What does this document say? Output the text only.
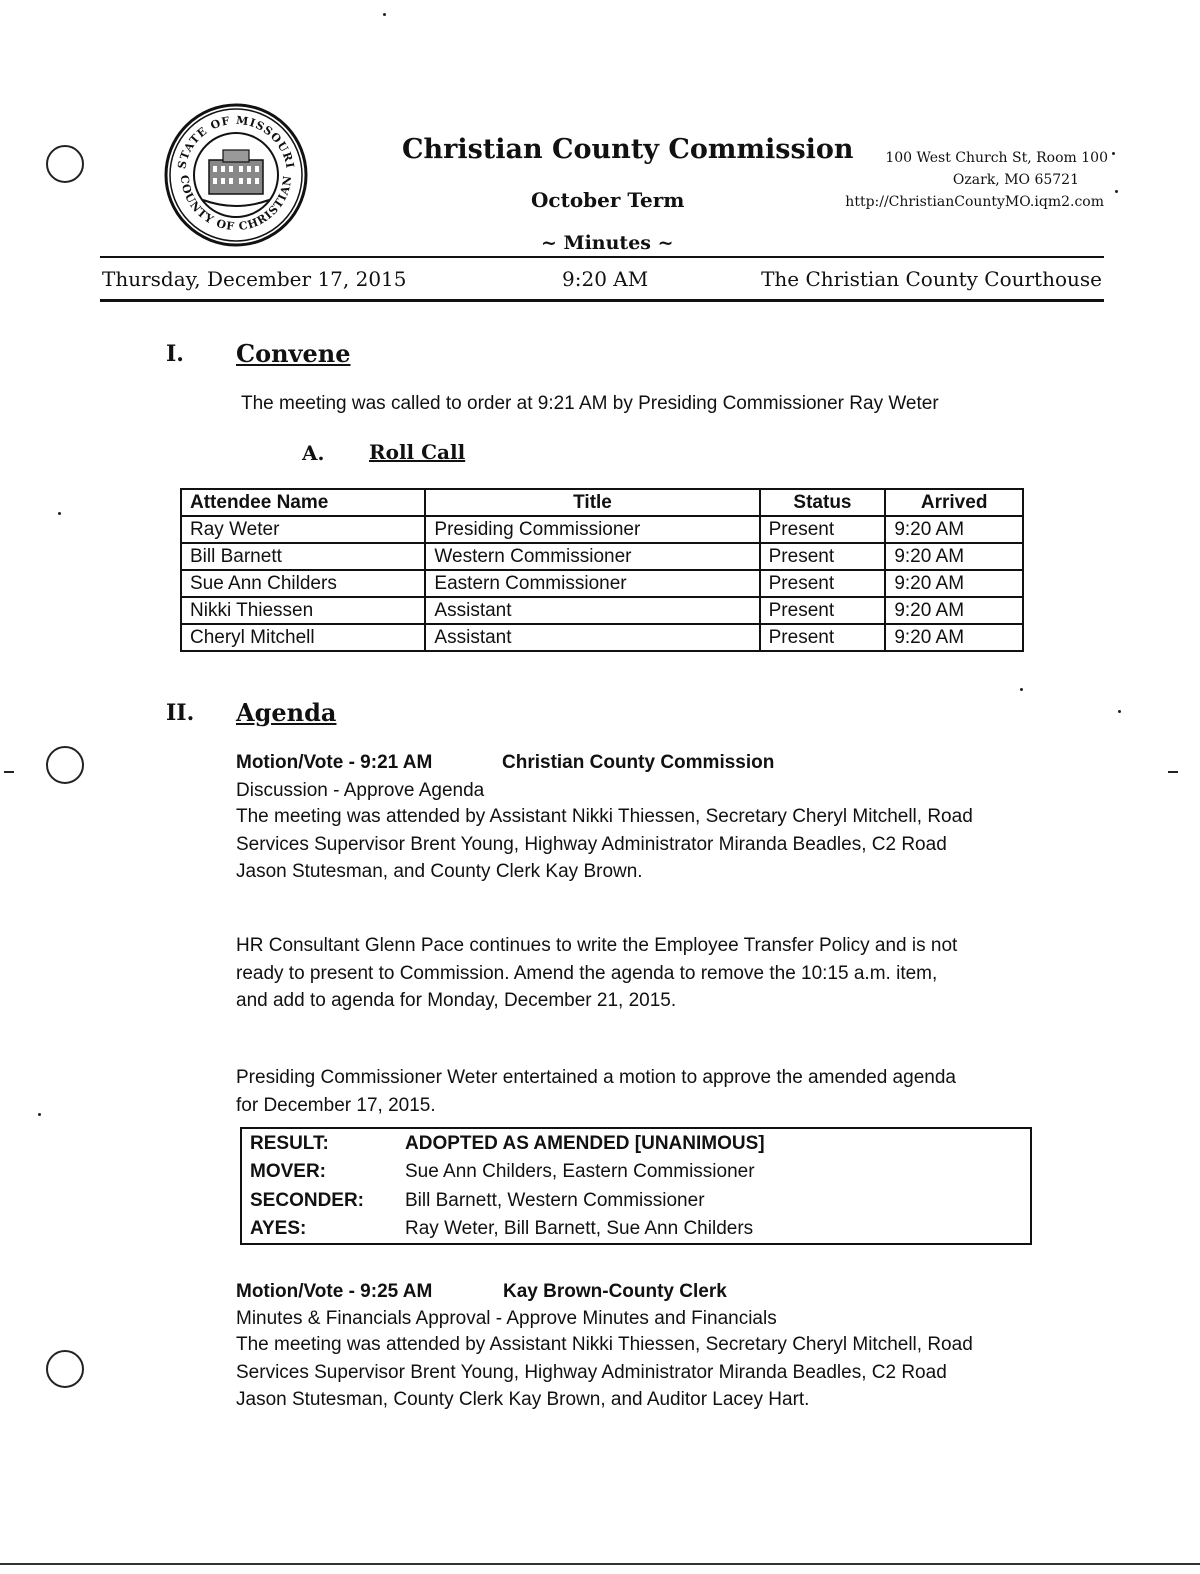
STATE OF MISSOURI
COUNTY OF CHRISTIAN
Christian County Commission
October Term
~ Minutes ~
100 West Church St, Room 100
Ozark, MO 65721
http://ChristianCountyMO.iqm2.com
Thursday, December 17, 2015	9:20 AM	The Christian County Courthouse
I. Convene
The meeting was called to order at 9:21 AM by Presiding Commissioner Ray Weter
A. Roll Call
Attendee Name	Title	Status	Arrived
Ray Weter	Presiding Commissioner	Present	9:20 AM
Bill Barnett	Western Commissioner	Present	9:20 AM
Sue Ann Childers	Eastern Commissioner	Present	9:20 AM
Nikki Thiessen	Assistant	Present	9:20 AM
Cheryl Mitchell	Assistant	Present	9:20 AM
II. Agenda
Motion/Vote - 9:21 AM	Christian County Commission
Discussion - Approve Agenda
The meeting was attended by Assistant Nikki Thiessen, Secretary Cheryl Mitchell, Road
Services Supervisor Brent Young, Highway Administrator Miranda Beadles, C2 Road
Jason Stutesman, and County Clerk Kay Brown.
HR Consultant Glenn Pace continues to write the Employee Transfer Policy and is not
ready to present to Commission. Amend the agenda to remove the 10:15 a.m. item,
and add to agenda for Monday, December 21, 2015.
Presiding Commissioner Weter entertained a motion to approve the amended agenda
for December 17, 2015.
RESULT:	ADOPTED AS AMENDED [UNANIMOUS]
MOVER:	Sue Ann Childers, Eastern Commissioner
SECONDER: Bill Barnett, Western Commissioner
AYES:	Ray Weter, Bill Barnett, Sue Ann Childers
Motion/Vote - 9:25 AM	Kay Brown-County Clerk
Minutes & Financials Approval - Approve Minutes and Financials
The meeting was attended by Assistant Nikki Thiessen, Secretary Cheryl Mitchell, Road
Services Supervisor Brent Young, Highway Administrator Miranda Beadles, C2 Road
Jason Stutesman, County Clerk Kay Brown, and Auditor Lacey Hart.
